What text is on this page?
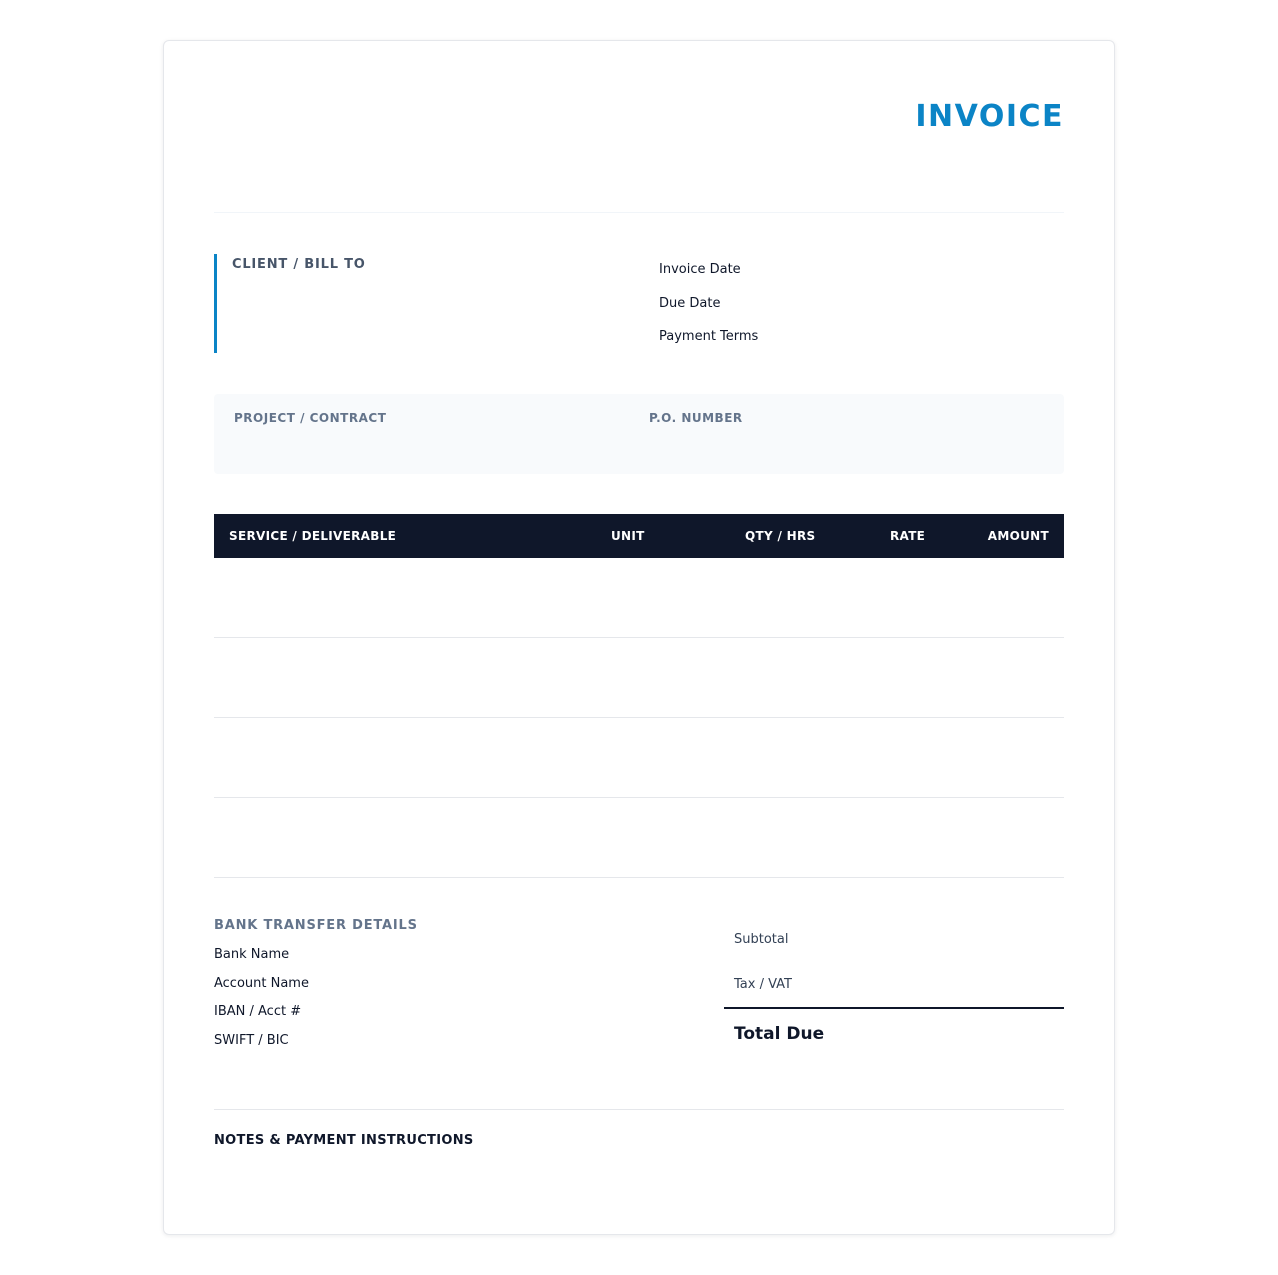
INVOICE
CLIENT / BILL TO	Invoice Date
Due Date
Payment Terms
PROJECT / CONTRACT	P.O. NUMBER
SERVICE / DELIVERABLE	UNIT	QTY / HRS	RATE	AMOUNT
BANK TRANSFER DETAILS
Bank Name
Account Name
IBAN / Acct #
SWIFT / BIC
Subtotal
Tax / VAT
Total Due
NOTES & PAYMENT INSTRUCTIONS
